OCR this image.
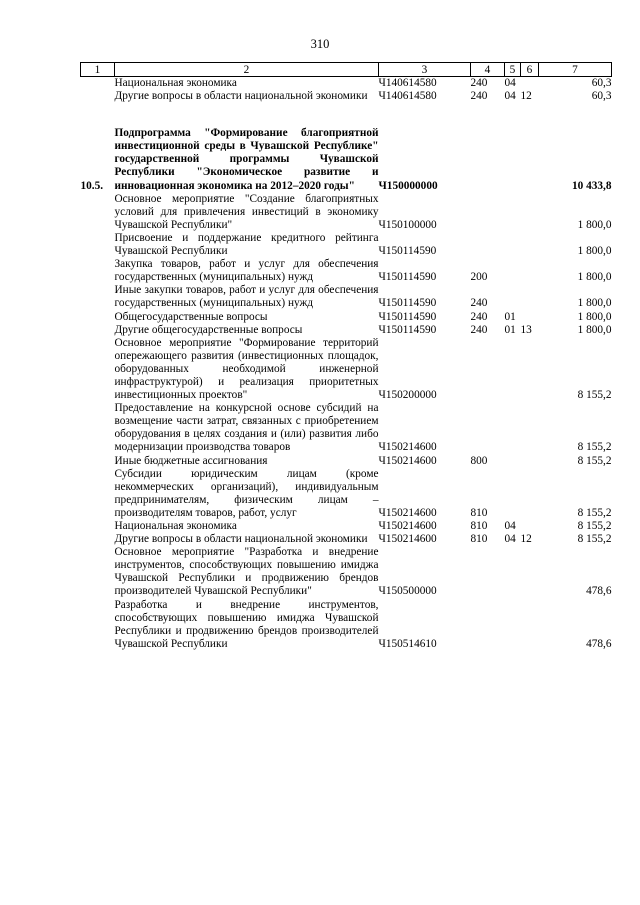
310
1	2	3	4	5	6	7
	Национальная экономика	Ч140614580	240	04		60,3
	Другие вопросы в области национальной экономики	Ч140614580	240	04	12	60,3

10.5.	Подпрограмма "Формирование благоприятной инвестиционной среды в Чувашской Республике" государственной программы Чувашской Республики "Экономическое развитие и инновационная экономика на 2012–2020 годы"	Ч150000000				10 433,8
	Основное мероприятие "Создание благоприятных условий для привлечения инвестиций в экономику Чувашской Республики"	Ч150100000				1 800,0
	Присвоение и поддержание кредитного рейтинга Чувашской Республики	Ч150114590				1 800,0
	Закупка товаров, работ и услуг для обеспечения государственных (муниципальных) нужд	Ч150114590	200			1 800,0
	Иные закупки товаров, работ и услуг для обеспечения государственных (муниципальных) нужд	Ч150114590	240			1 800,0
	Общегосударственные вопросы	Ч150114590	240	01		1 800,0
	Другие общегосударственные вопросы	Ч150114590	240	01	13	1 800,0
	Основное мероприятие "Формирование территорий опережающего развития (инвестиционных площадок, оборудованных необходимой инженерной инфраструктурой) и реализация приоритетных инвестиционных проектов"	Ч150200000				8 155,2
	Предоставление на конкурсной основе субсидий на возмещение части затрат, связанных с приобретением оборудования в целях создания и (или) развития либо модернизации производства товаров	Ч150214600				8 155,2
	Иные бюджетные ассигнования	Ч150214600	800			8 155,2
	Субсидии юридическим лицам (кроме некоммерческих организаций), индивидуальным предпринимателям, физическим лицам – производителям товаров, работ, услуг	Ч150214600	810			8 155,2
	Национальная экономика	Ч150214600	810	04		8 155,2
	Другие вопросы в области национальной экономики	Ч150214600	810	04	12	8 155,2
	Основное мероприятие "Разработка и внедрение инструментов, способствующих повышению имиджа Чувашской Республики и продвижению брендов производителей Чувашской Республики"	Ч150500000				478,6
	Разработка и внедрение инструментов, способствующих повышению имиджа Чувашской Республики и продвижению брендов производителей Чувашской Республики	Ч150514610				478,6
